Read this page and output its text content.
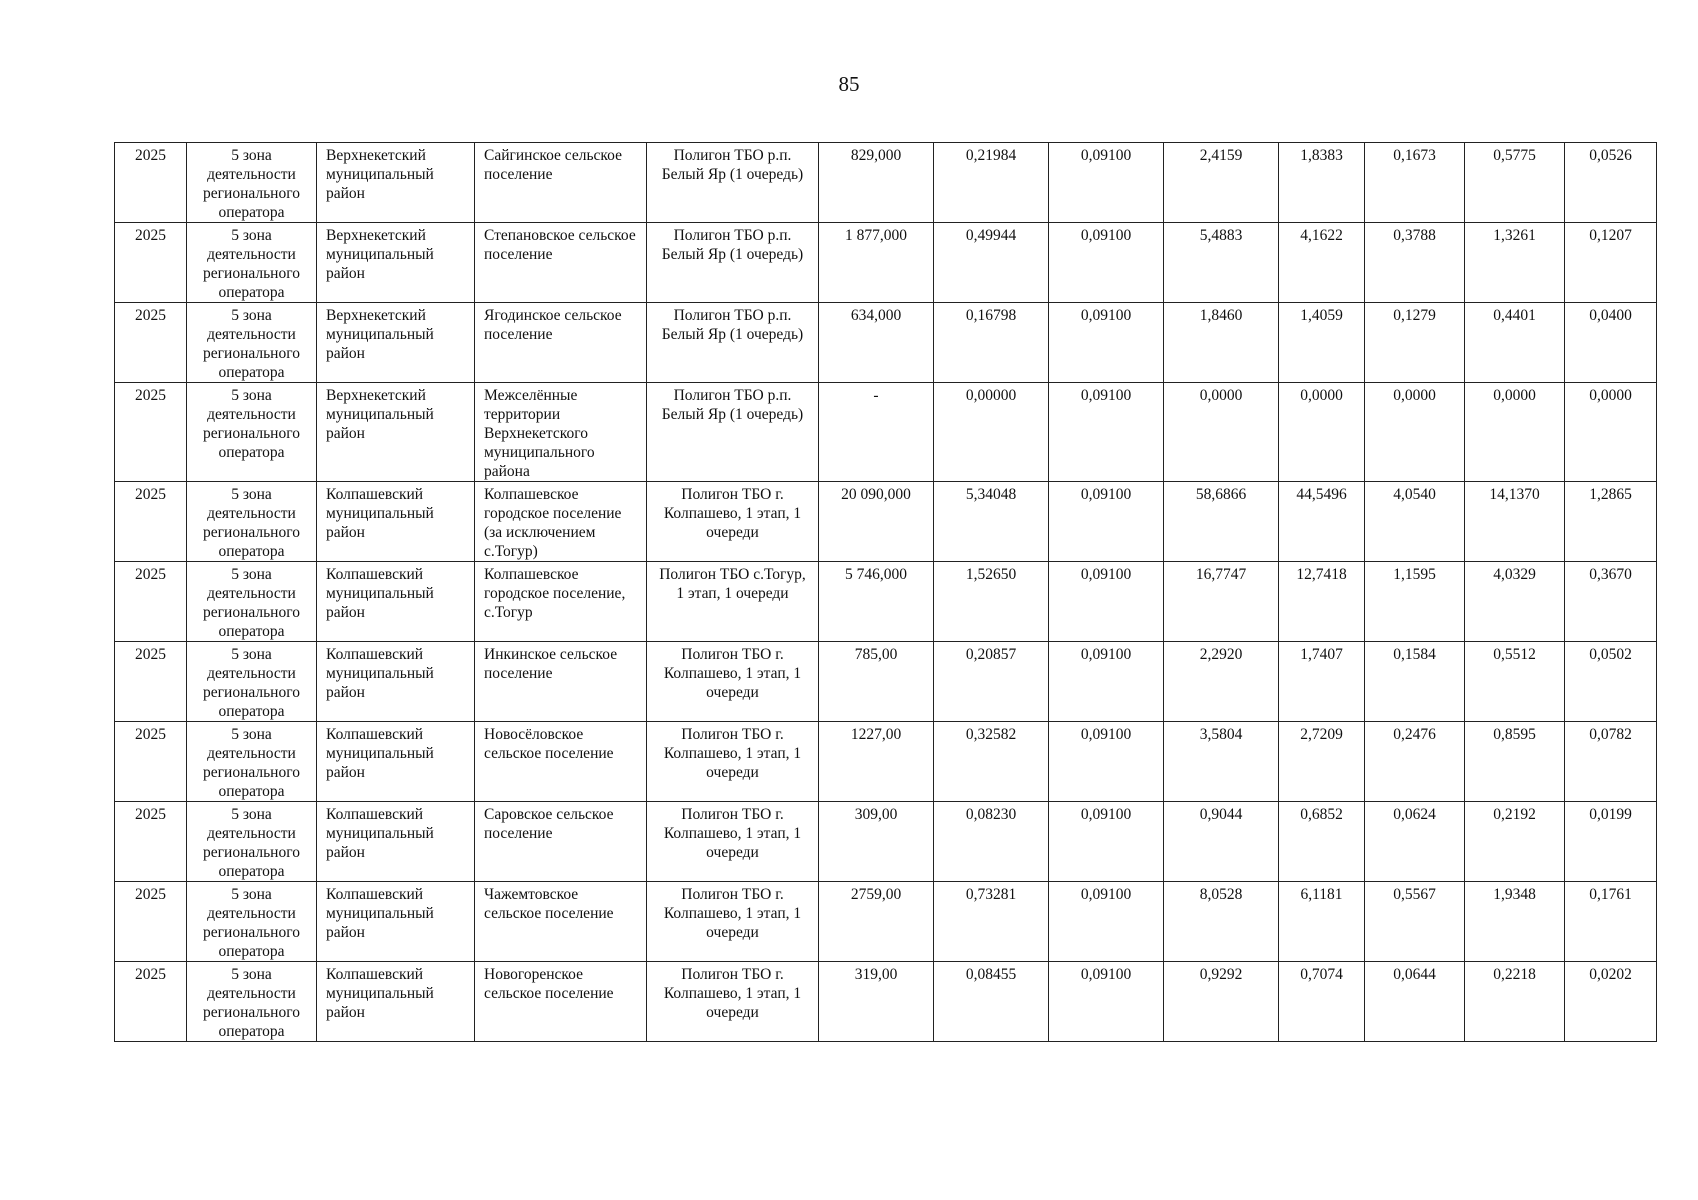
85
2025	5 зона деятельности регионального оператора	Верхнекетский муниципальный район	Сайгинское сельское поселение	Полигон ТБО р.п. Белый Яр (1 очередь)	829,000	0,21984	0,09100	2,4159	1,8383	0,1673	0,5775	0,0526
2025	5 зона деятельности регионального оператора	Верхнекетский муниципальный район	Степановское сельское поселение	Полигон ТБО р.п. Белый Яр (1 очередь)	1 877,000	0,49944	0,09100	5,4883	4,1622	0,3788	1,3261	0,1207
2025	5 зона деятельности регионального оператора	Верхнекетский муниципальный район	Ягодинское сельское поселение	Полигон ТБО р.п. Белый Яр (1 очередь)	634,000	0,16798	0,09100	1,8460	1,4059	0,1279	0,4401	0,0400
2025	5 зона деятельности регионального оператора	Верхнекетский муниципальный район	Межселённые территории Верхнекетского муниципального района	Полигон ТБО р.п. Белый Яр (1 очередь)	-	0,00000	0,09100	0,0000	0,0000	0,0000	0,0000	0,0000
2025	5 зона деятельности регионального оператора	Колпашевский муниципальный район	Колпашевское городское поселение (за исключением с.Тогур)	Полигон ТБО г. Колпашево, 1 этап, 1 очереди	20 090,000	5,34048	0,09100	58,6866	44,5496	4,0540	14,1370	1,2865
2025	5 зона деятельности регионального оператора	Колпашевский муниципальный район	Колпашевское городское поселение, с.Тогур	Полигон ТБО с.Тогур, 1 этап, 1 очереди	5 746,000	1,52650	0,09100	16,7747	12,7418	1,1595	4,0329	0,3670
2025	5 зона деятельности регионального оператора	Колпашевский муниципальный район	Инкинское сельское поселение	Полигон ТБО г. Колпашево, 1 этап, 1 очереди	785,00	0,20857	0,09100	2,2920	1,7407	0,1584	0,5512	0,0502
2025	5 зона деятельности регионального оператора	Колпашевский муниципальный район	Новосёловское сельское поселение	Полигон ТБО г. Колпашево, 1 этап, 1 очереди	1227,00	0,32582	0,09100	3,5804	2,7209	0,2476	0,8595	0,0782
2025	5 зона деятельности регионального оператора	Колпашевский муниципальный район	Саровское сельское поселение	Полигон ТБО г. Колпашево, 1 этап, 1 очереди	309,00	0,08230	0,09100	0,9044	0,6852	0,0624	0,2192	0,0199
2025	5 зона деятельности регионального оператора	Колпашевский муниципальный район	Чажемтовское сельское поселение	Полигон ТБО г. Колпашево, 1 этап, 1 очереди	2759,00	0,73281	0,09100	8,0528	6,1181	0,5567	1,9348	0,1761
2025	5 зона деятельности регионального оператора	Колпашевский муниципальный район	Новогоренское сельское поселение	Полигон ТБО г. Колпашево, 1 этап, 1 очереди	319,00	0,08455	0,09100	0,9292	0,7074	0,0644	0,2218	0,0202
